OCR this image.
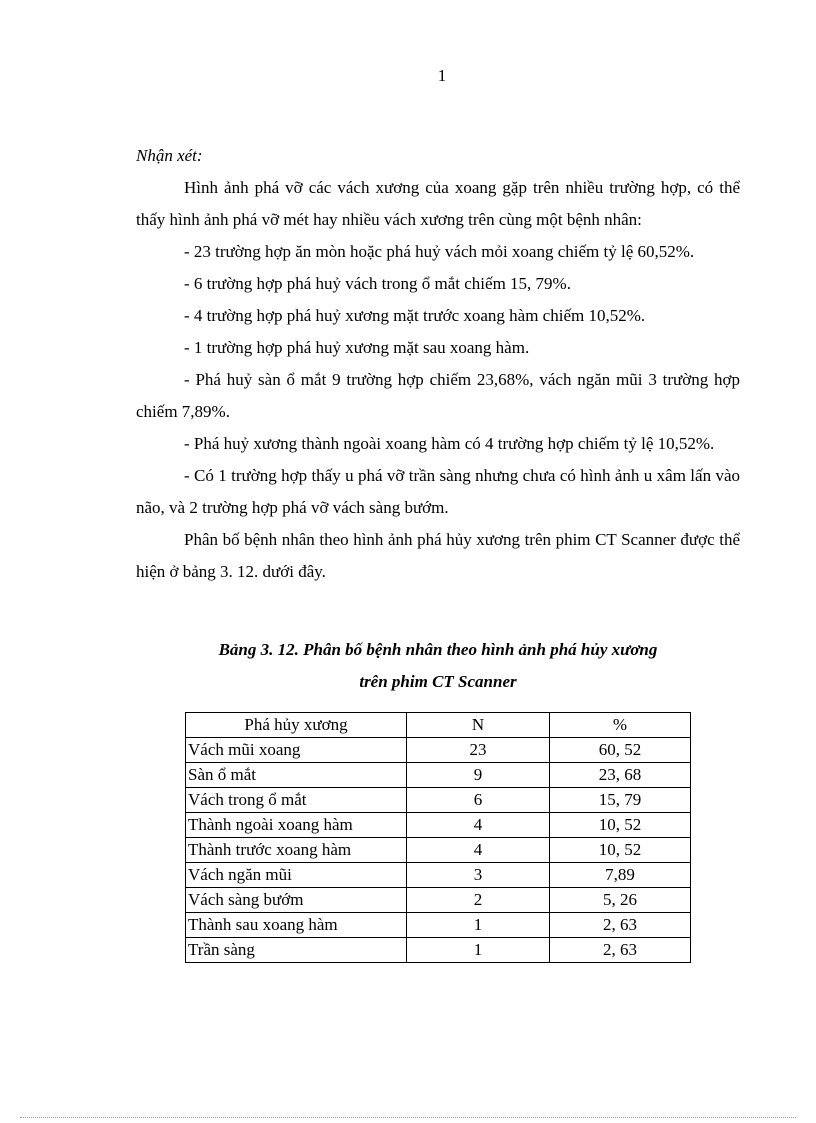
1

Nhận xét:

Hình ảnh phá vỡ các vách xương của xoang gặp trên nhiều trường hợp, có thể thấy hình ảnh phá vỡ mét hay nhiều vách xương trên cùng một bệnh nhân:

- 23 trường hợp ăn mòn hoặc phá huỷ vách mỏi xoang chiếm tỷ lệ 60,52%.

- 6 trường hợp phá huỷ vách trong ổ mắt chiếm 15, 79%.

- 4 trường hợp phá huỷ xương mặt trước xoang hàm chiếm 10,52%.

- 1 trường hợp phá huỷ xương mặt sau xoang hàm.

- Phá huỷ sàn ổ mắt 9 trường hợp chiếm 23,68%, vách ngăn mũi 3 trường hợp chiếm 7,89%.

- Phá huỷ xương thành ngoài xoang hàm có 4 trường hợp chiếm tỷ lệ 10,52%.

- Có 1 trường hợp thấy u phá vỡ trần sàng nhưng chưa có hình ảnh u xâm lấn vào não, và 2 trường hợp phá vỡ vách sàng bướm.

Phân bố bệnh nhân theo hình ảnh phá hủy xương trên phim CT Scanner được thể hiện ở bảng 3. 12. dưới đây.

Bảng 3. 12. Phân bố bệnh nhân theo hình ảnh phá hủy xương
trên phim CT Scanner
Phá hủy xương	N	%
Vách mũi xoang	23	60, 52
Sàn ổ mắt	9	23, 68
Vách trong ổ mắt	6	15, 79
Thành ngoài xoang hàm	4	10, 52
Thành trước xoang hàm	4	10, 52
Vách ngăn mũi	3	7,89
Vách sàng bướm	2	5, 26
Thành sau xoang hàm	1	2, 63
Trần sàng	1	2, 63
